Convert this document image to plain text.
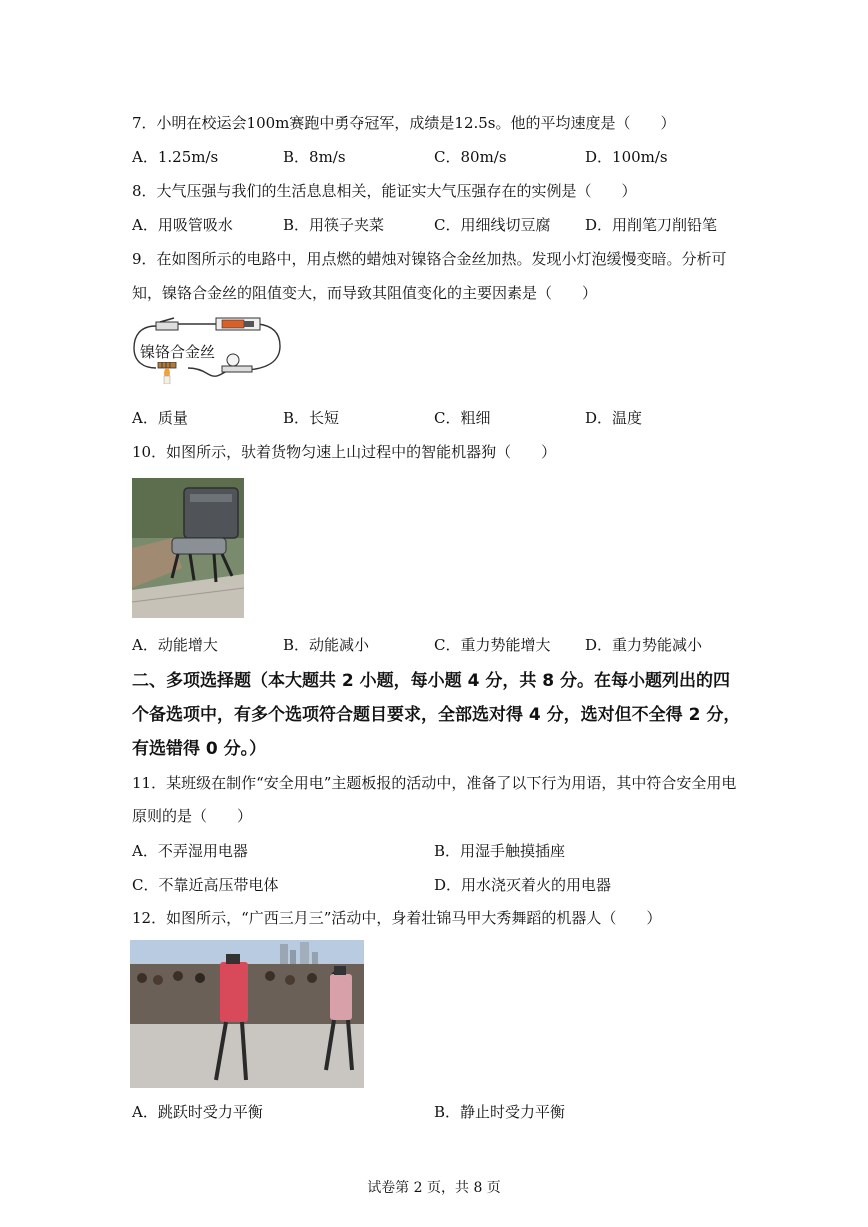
7．小明在校运会100m赛跑中勇夺冠军，成绩是12.5s。他的平均速度是（　　）
A．1.25m/s	B．8m/s	C．80m/s	D．100m/s
8．大气压强与我们的生活息息相关，能证实大气压强存在的实例是（　　）
A．用吸管吸水	B．用筷子夹菜	C．用细线切豆腐 D．用削笔刀削铅笔
9．在如图所示的电路中，用点燃的蜡烛对镍铬合金丝加热。发现小灯泡缓慢变暗。分析可
知，镍铬合金丝的阻值变大，而导致其阻值变化的主要因素是（　　）
镍铬合金丝
A．质量	B．长短	C．粗细	D．温度
10．如图所示，驮着货物匀速上山过程中的智能机器狗（　　）
A．动能增大	B．动能减小	C．重力势能增大 D．重力势能减小
二、多项选择题（本大题共 2 小题，每小题 4 分，共 8 分。在每小题列出的四
个备选项中，有多个选项符合题目要求，全部选对得 4 分，选对但不全得 2 分，
有选错得 0 分。）
11．某班级在制作“安全用电”主题板报的活动中，准备了以下行为用语，其中符合安全用电
原则的是（　　）
A．不弄湿用电器	B．用湿手触摸插座
C．不靠近高压带电体	D．用水浇灭着火的用电器
12．如图所示，“广西三月三”活动中，身着壮锦马甲大秀舞蹈的机器人（　　）
A．跳跃时受力平衡	B．静止时受力平衡
试卷第 2 页，共 8 页
